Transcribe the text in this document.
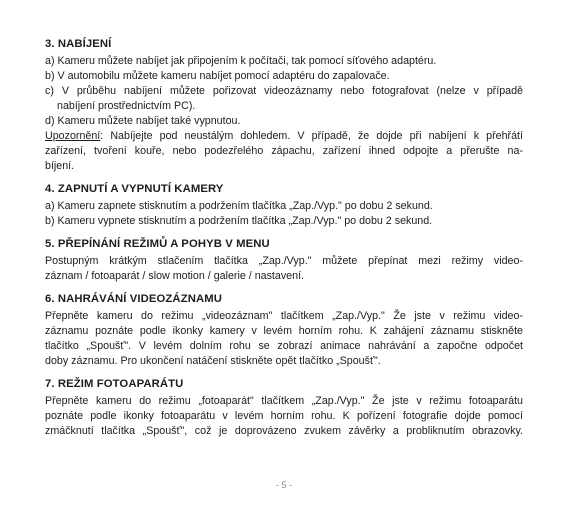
3. NABÍJENÍ

a) Kameru můžete nabíjet jak připojením k počítači, tak pomocí síťového adaptéru.

b) V automobilu můžete kameru nabíjet pomocí adaptéru do zapalovače.

c) V průběhu nabíjení můžete pořizovat videozáznamy nebo fotografovat (nelze v případě

nabíjení prostřednictvím PC).

d) Kameru můžete nabíjet také vypnutou.

Upozornění: Nabíjejte pod neustálým dohledem. V případě, že dojde při nabíjení k přehřátí

zařízení, tvoření kouře, nebo podezřelého zápachu, zařízení ihned odpojte a přerušte na-

bíjení.

4. ZAPNUTÍ A VYPNUTÍ KAMERY

a) Kameru zapnete stisknutím a podržením tlačítka „Zap./Vyp." po dobu 2 sekund.

b) Kameru vypnete stisknutím a podržením tlačítka „Zap./Vyp." po dobu 2 sekund.

5. PŘEPÍNÁNÍ REŽIMŮ A POHYB V MENU

Postupným krátkým stlačením tlačítka „Zap./Vyp." můžete přepínat mezi režimy video-

záznam / fotoaparát / slow motion / galerie / nastavení.

6. NAHRÁVÁNÍ VIDEOZÁZNAMU

Přepněte kameru do režimu „videozáznam" tlačítkem „Zap./Vyp." Že jste v režimu video-

záznamu poznáte podle ikonky kamery v levém horním rohu. K zahájení záznamu stiskněte

tlačítko „Spoušť". V levém dolním rohu se zobrazí animace nahrávání a započne odpočet

doby záznamu. Pro ukončení natáčení stiskněte opět tlačítko „Spoušť".

7. REŽIM FOTOAPARÁTU

Přepněte kameru do režimu „fotoaparát" tlačítkem „Zap./Vyp." Že jste v režimu fotoaparátu

poznáte podle ikonky fotoaparátu v levém horním rohu. K pořízení fotografie dojde pomocí

zmáčknutí tlačítka „Spoušť", což je doprovázeno zvukem závěrky a probliknutím obrazovky.

- 5 -
